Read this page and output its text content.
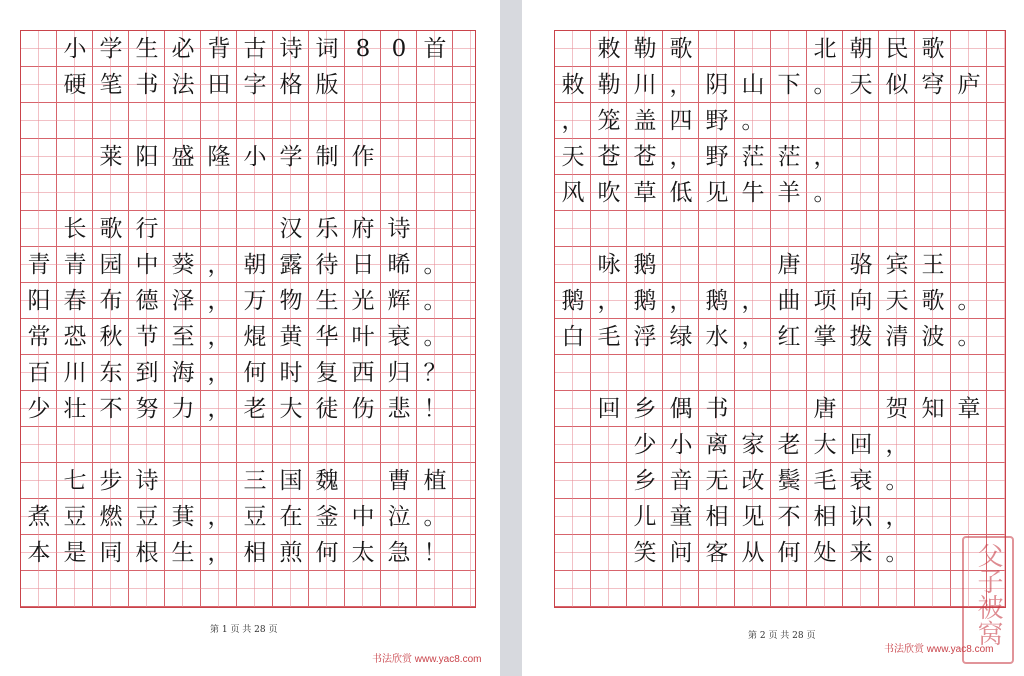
小 学 生 必 背 古 诗 词 8 0 首
硬 笔 书 法 田 字 格 版
莱 阳 盛 隆 小 学 制 作
长 歌 行	汉 乐 府 诗
青 青 园 中 葵 ， 朝 露 待 日 晞 。
阳 春 布 德 泽 ， 万 物 生 光 辉 。
常 恐 秋 节 至 ， 焜 黄 华 叶 衰 。
百 川 东 到 海 ， 何 时 复 西 归 ？
少 壮 不 努 力 ， 老 大 徒 伤 悲 ！
七 步 诗	三 国 魏 曹 植
煮 豆 燃 豆 萁 ， 豆 在 釜 中 泣 。
本 是 同 根 生 ， 相 煎 何 太 急 ！
第 1 页 共 28 页
书法欣赏 www.yac8.com
敕 勒 歌	北 朝 民 歌
敕 勒 川 ， 阴 山 下 。 天 似 穹 庐
， 笼 盖 四 野 。
天 苍 苍 ， 野 茫 茫 ，
风 吹 草 低 见 牛 羊 。
咏 鹅	唐 骆 宾 王
鹅 ， 鹅 ， 鹅 ， 曲 项 向 天 歌 。
白 毛 浮 绿 水 ， 红 掌 拨 清 波 。
回 乡 偶 书	唐 贺 知 章
少 小 离 家 老 大 回 ，
乡 音 无 改 鬓 毛 衰 。
儿 童 相 见 不 相 识 ，
笑 问 客 从 何 处 来 。
第 2 页 共 28 页
书法欣赏 www.yac8.com
父子被窝
